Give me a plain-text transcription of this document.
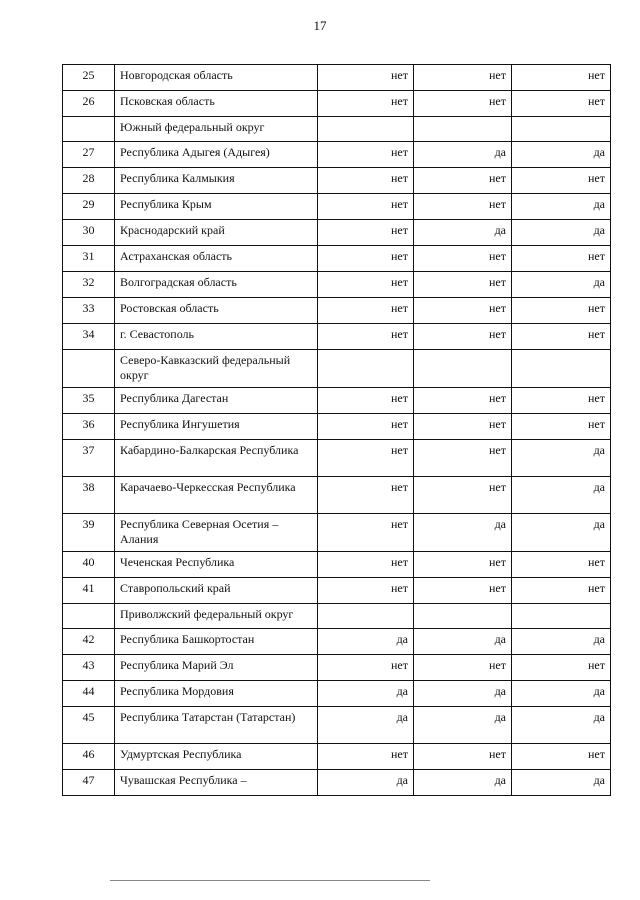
17
25	Новгородская область	нет	нет	нет
26	Псковская область	нет	нет	нет
	Южный федеральный округ			
27	Республика Адыгея (Адыгея)	нет	да	да
28	Республика Калмыкия	нет	нет	нет
29	Республика Крым	нет	нет	да
30	Краснодарский край	нет	да	да
31	Астраханская область	нет	нет	нет
32	Волгоградская область	нет	нет	да
33	Ростовская область	нет	нет	нет
34	г. Севастополь	нет	нет	нет
	Северо-Кавказский федеральный округ			
35	Республика Дагестан	нет	нет	нет
36	Республика Ингушетия	нет	нет	нет
37	Кабардино-Балкарская Республика	нет	нет	да
38	Карачаево-Черкесская Республика	нет	нет	да
39	Республика Северная Осетия – Алания	нет	да	да
40	Чеченская Республика	нет	нет	нет
41	Ставропольский край	нет	нет	нет
	Приволжский федеральный округ			
42	Республика Башкортостан	да	да	да
43	Республика Марий Эл	нет	нет	нет
44	Республика Мордовия	да	да	да
45	Республика Татарстан (Татарстан)	да	да	да
46	Удмуртская Республика	нет	нет	нет
47	Чувашская Республика –	да	да	да
